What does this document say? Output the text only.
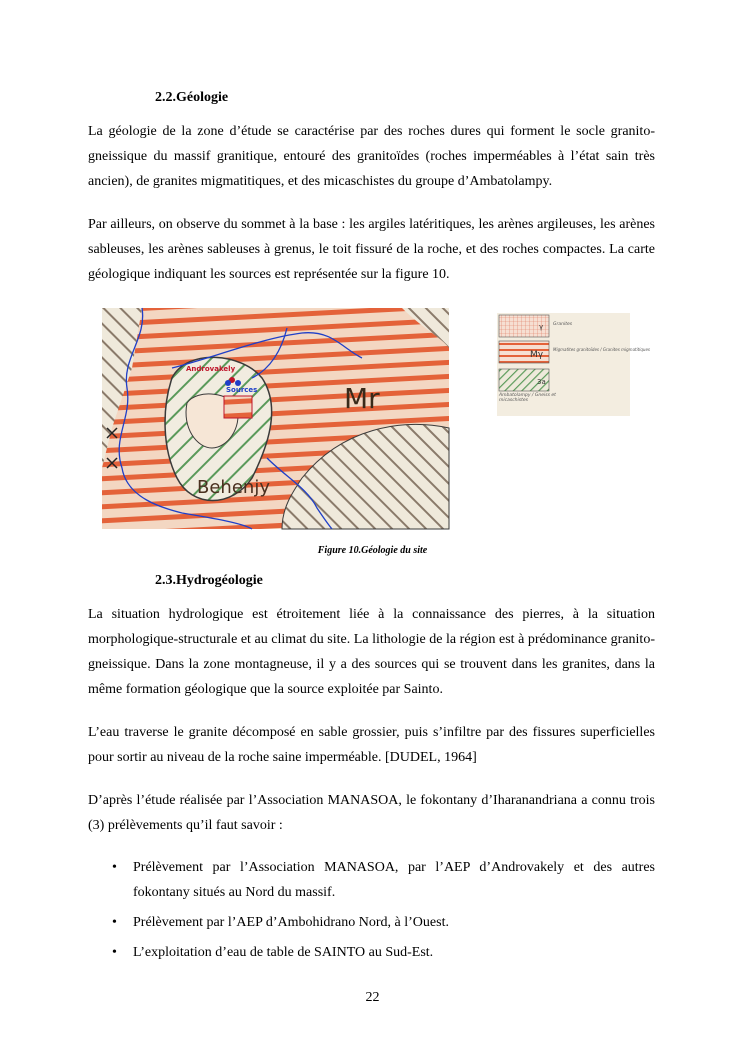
2.2.Géologie

La géologie de la zone d’étude se caractérise par des roches dures qui forment le socle granito-gneissique du massif granitique, entouré des granitoïdes (roches imperméables à l’état sain très ancien), de granites migmatitiques, et des micaschistes du groupe d’Ambatolampy.

Par ailleurs, on observe du sommet à la base : les argiles latéritiques, les arènes argileuses, les arènes sableuses, les arènes sableuses à grenus, le toit fissuré de la roche, et des roches compactes. La carte géologique indiquant les sources est représentée sur la figure 10.

Androvakely
Sources
Behenjy
Mr
γ Granites
Mγ
Migmatites granitoïdes / Granites migmatitiques
3a
Ambatolampy / Gneiss et micaschistes
Figure 10.Géologie du site
2.3.Hydrogéologie

La situation hydrologique est étroitement liée à la connaissance des pierres, à la situation morphologique-structurale et au climat du site. La lithologie de la région est à prédominance granito-gneissique. Dans la zone montagneuse, il y a des sources qui se trouvent dans les granites, dans la même formation géologique que la source exploitée par Sainto.

L’eau traverse le granite décomposé en sable grossier, puis s’infiltre par des fissures superficielles pour sortir au niveau de la roche saine imperméable. [DUDEL, 1964]

D’après l’étude réalisée par l’Association MANASOA, le fokontany d’Iharanandriana a connu trois (3) prélèvements qu’il faut savoir :

• Prélèvement par l’Association MANASOA, par l’AEP d’Androvakely et des autres fokontany situés au Nord du massif.
• Prélèvement par l’AEP d’Ambohidrano Nord, à l’Ouest.
• L’exploitation d’eau de table de SAINTO au Sud-Est.
22
